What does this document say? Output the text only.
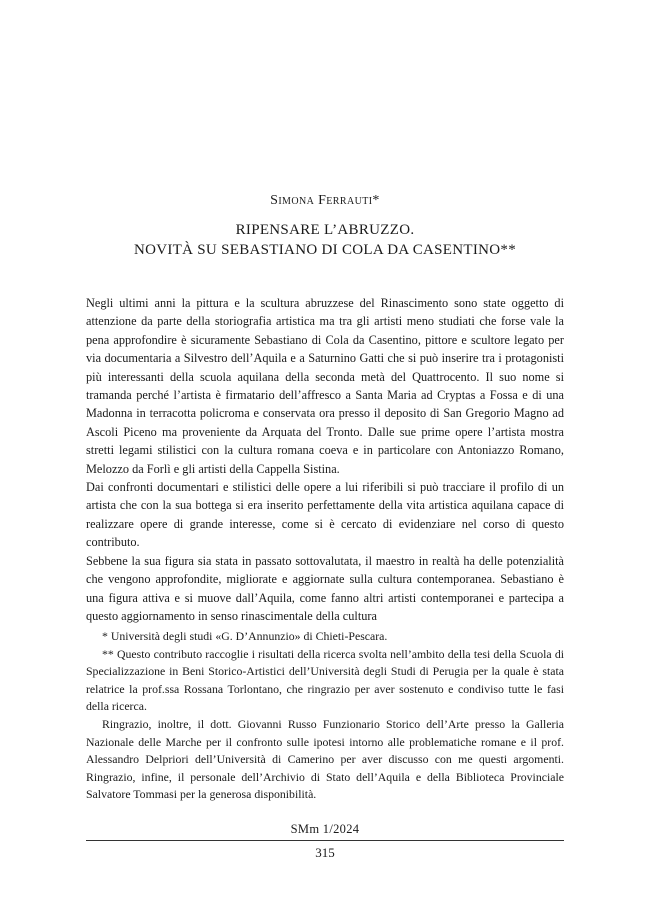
Simona Ferrauti*
RIPENSARE L’ABRUZZO.
NOVITÀ SU SEBASTIANO DI COLA DA CASENTINO**

Negli ultimi anni la pittura e la scultura abruzzese del Rinascimento sono state oggetto di attenzione da parte della storiografia artistica ma tra gli artisti meno studiati che forse vale la pena approfondire è sicuramente Sebastiano di Cola da Casentino, pittore e scultore legato per via documentaria a Silvestro dell’Aquila e a Saturnino Gatti che si può inserire tra i protagonisti più interessanti della scuola aquilana della seconda metà del Quattrocento. Il suo nome si tramanda perché l’artista è firmatario dell’affresco a Santa Maria ad Cryptas a Fossa e di una Madonna in terracotta policroma e conservata ora presso il deposito di San Gregorio Magno ad Ascoli Piceno ma proveniente da Arquata del Tronto. Dalle sue prime opere l’artista mostra stretti legami stilistici con la cultura romana coeva e in particolare con Antoniazzo Romano, Melozzo da Forlì e gli artisti della Cappella Sistina.

Dai confronti documentari e stilistici delle opere a lui riferibili si può tracciare il profilo di un artista che con la sua bottega si era inserito perfettamente della vita artistica aquilana capace di realizzare opere di grande interesse, come si è cercato di evidenziare nel corso di questo contributo.

Sebbene la sua figura sia stata in passato sottovalutata, il maestro in realtà ha delle potenzialità che vengono approfondite, migliorate e aggiornate sulla cultura contemporanea. Sebastiano è una figura attiva e si muove dall’Aquila, come fanno altri artisti contemporanei e partecipa a questo aggiornamento in senso rinascimentale della cultura

* Università degli studi «G. D’Annunzio» di Chieti-Pescara.

** Questo contributo raccoglie i risultati della ricerca svolta nell’ambito della tesi della Scuola di Specializzazione in Beni Storico-Artistici dell’Università degli Studi di Perugia per la quale è stata relatrice la prof.ssa Rossana Torlontano, che ringrazio per aver sostenuto e condiviso tutte le fasi della ricerca.

Ringrazio, inoltre, il dott. Giovanni Russo Funzionario Storico dell’Arte presso la Galleria Nazionale delle Marche per il confronto sulle ipotesi intorno alle problematiche romane e il prof. Alessandro Delpriori dell’Università di Camerino per aver discusso con me questi argomenti. Ringrazio, infine, il personale dell’Archivio di Stato dell’Aquila e della Biblioteca Provinciale Salvatore Tommasi per la generosa disponibilità.

SMm 1/2024
315
